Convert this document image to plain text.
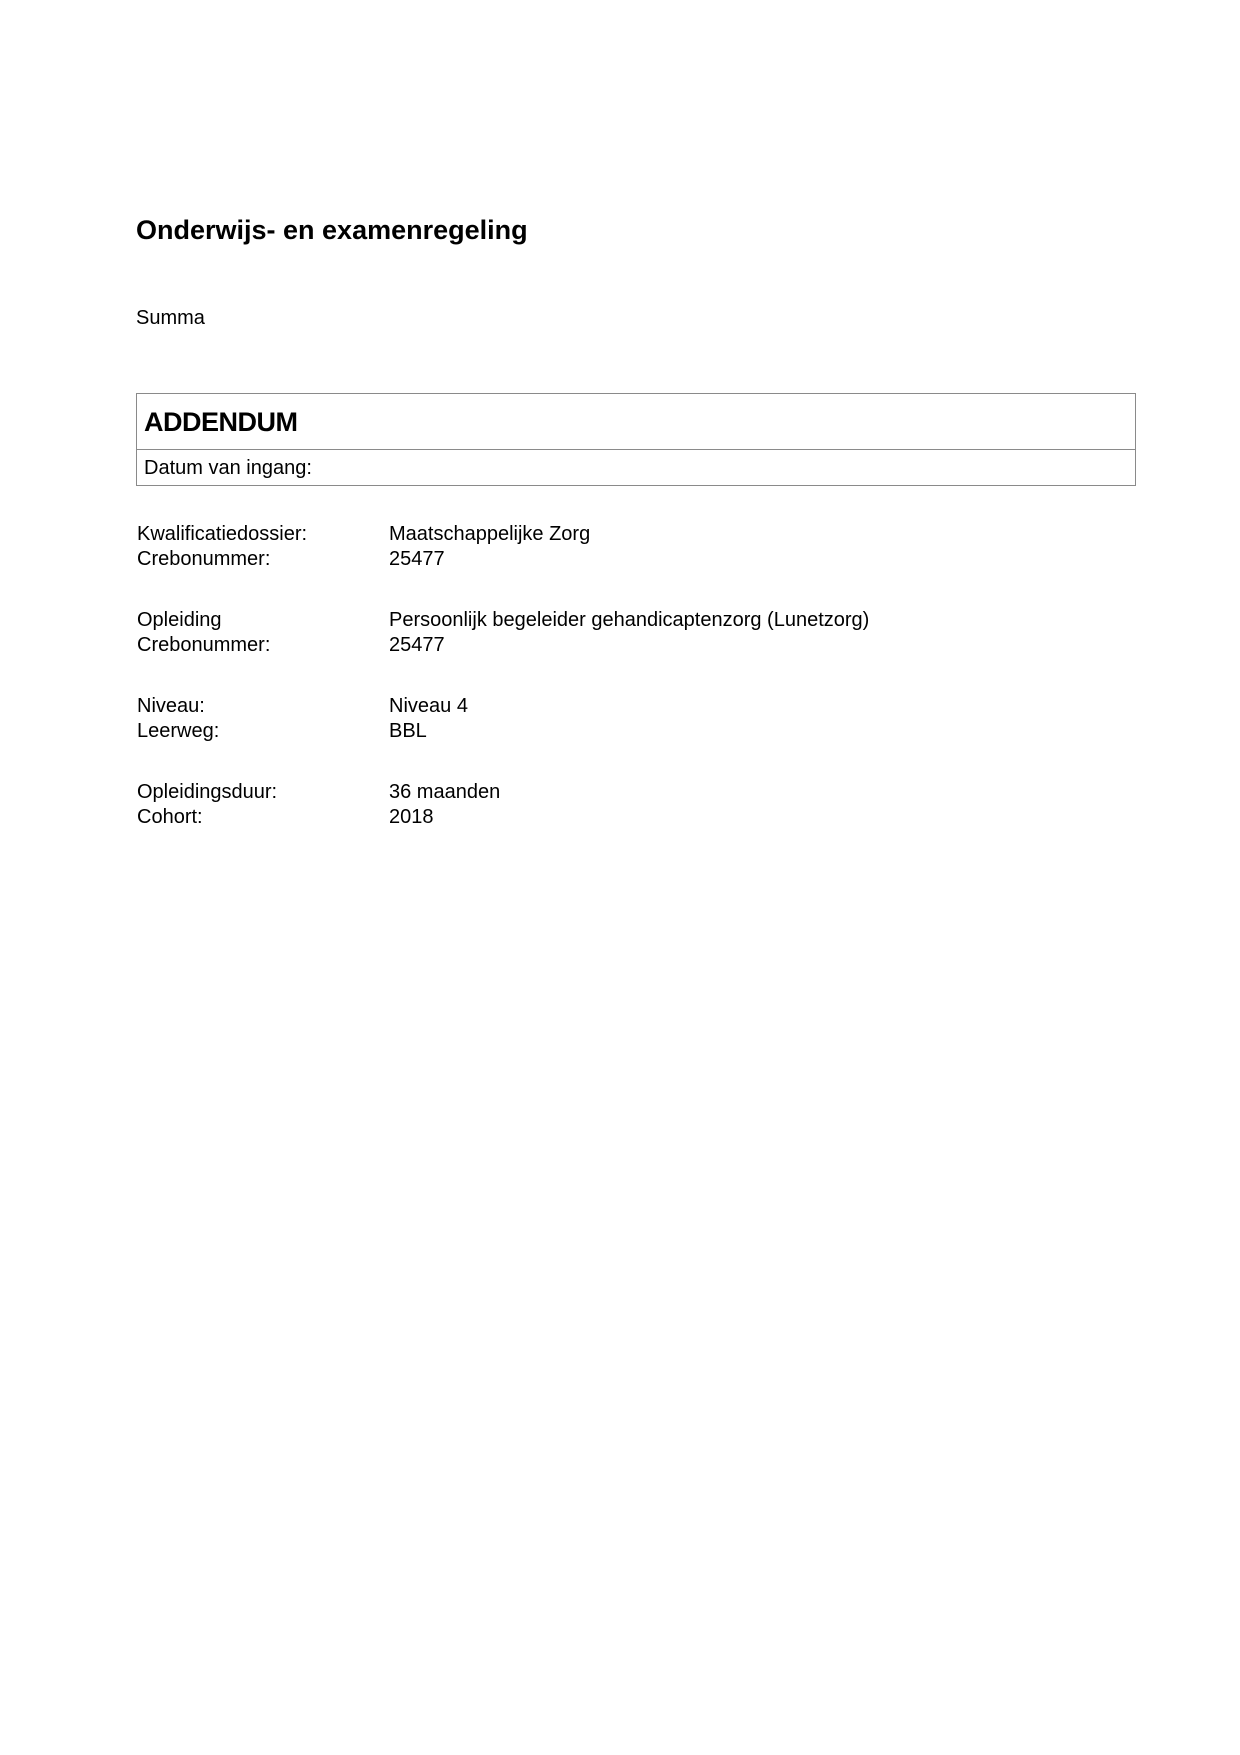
Onderwijs- en examenregeling
Summa
ADDENDUM
Datum van ingang:
Kwalificatiedossier:	Maatschappelijke Zorg
Crebonummer:	25477
Opleiding	Persoonlijk begeleider gehandicaptenzorg (Lunetzorg)
Crebonummer:	25477
Niveau:	Niveau 4
Leerweg:	BBL
Opleidingsduur:	36 maanden
Cohort:	2018
